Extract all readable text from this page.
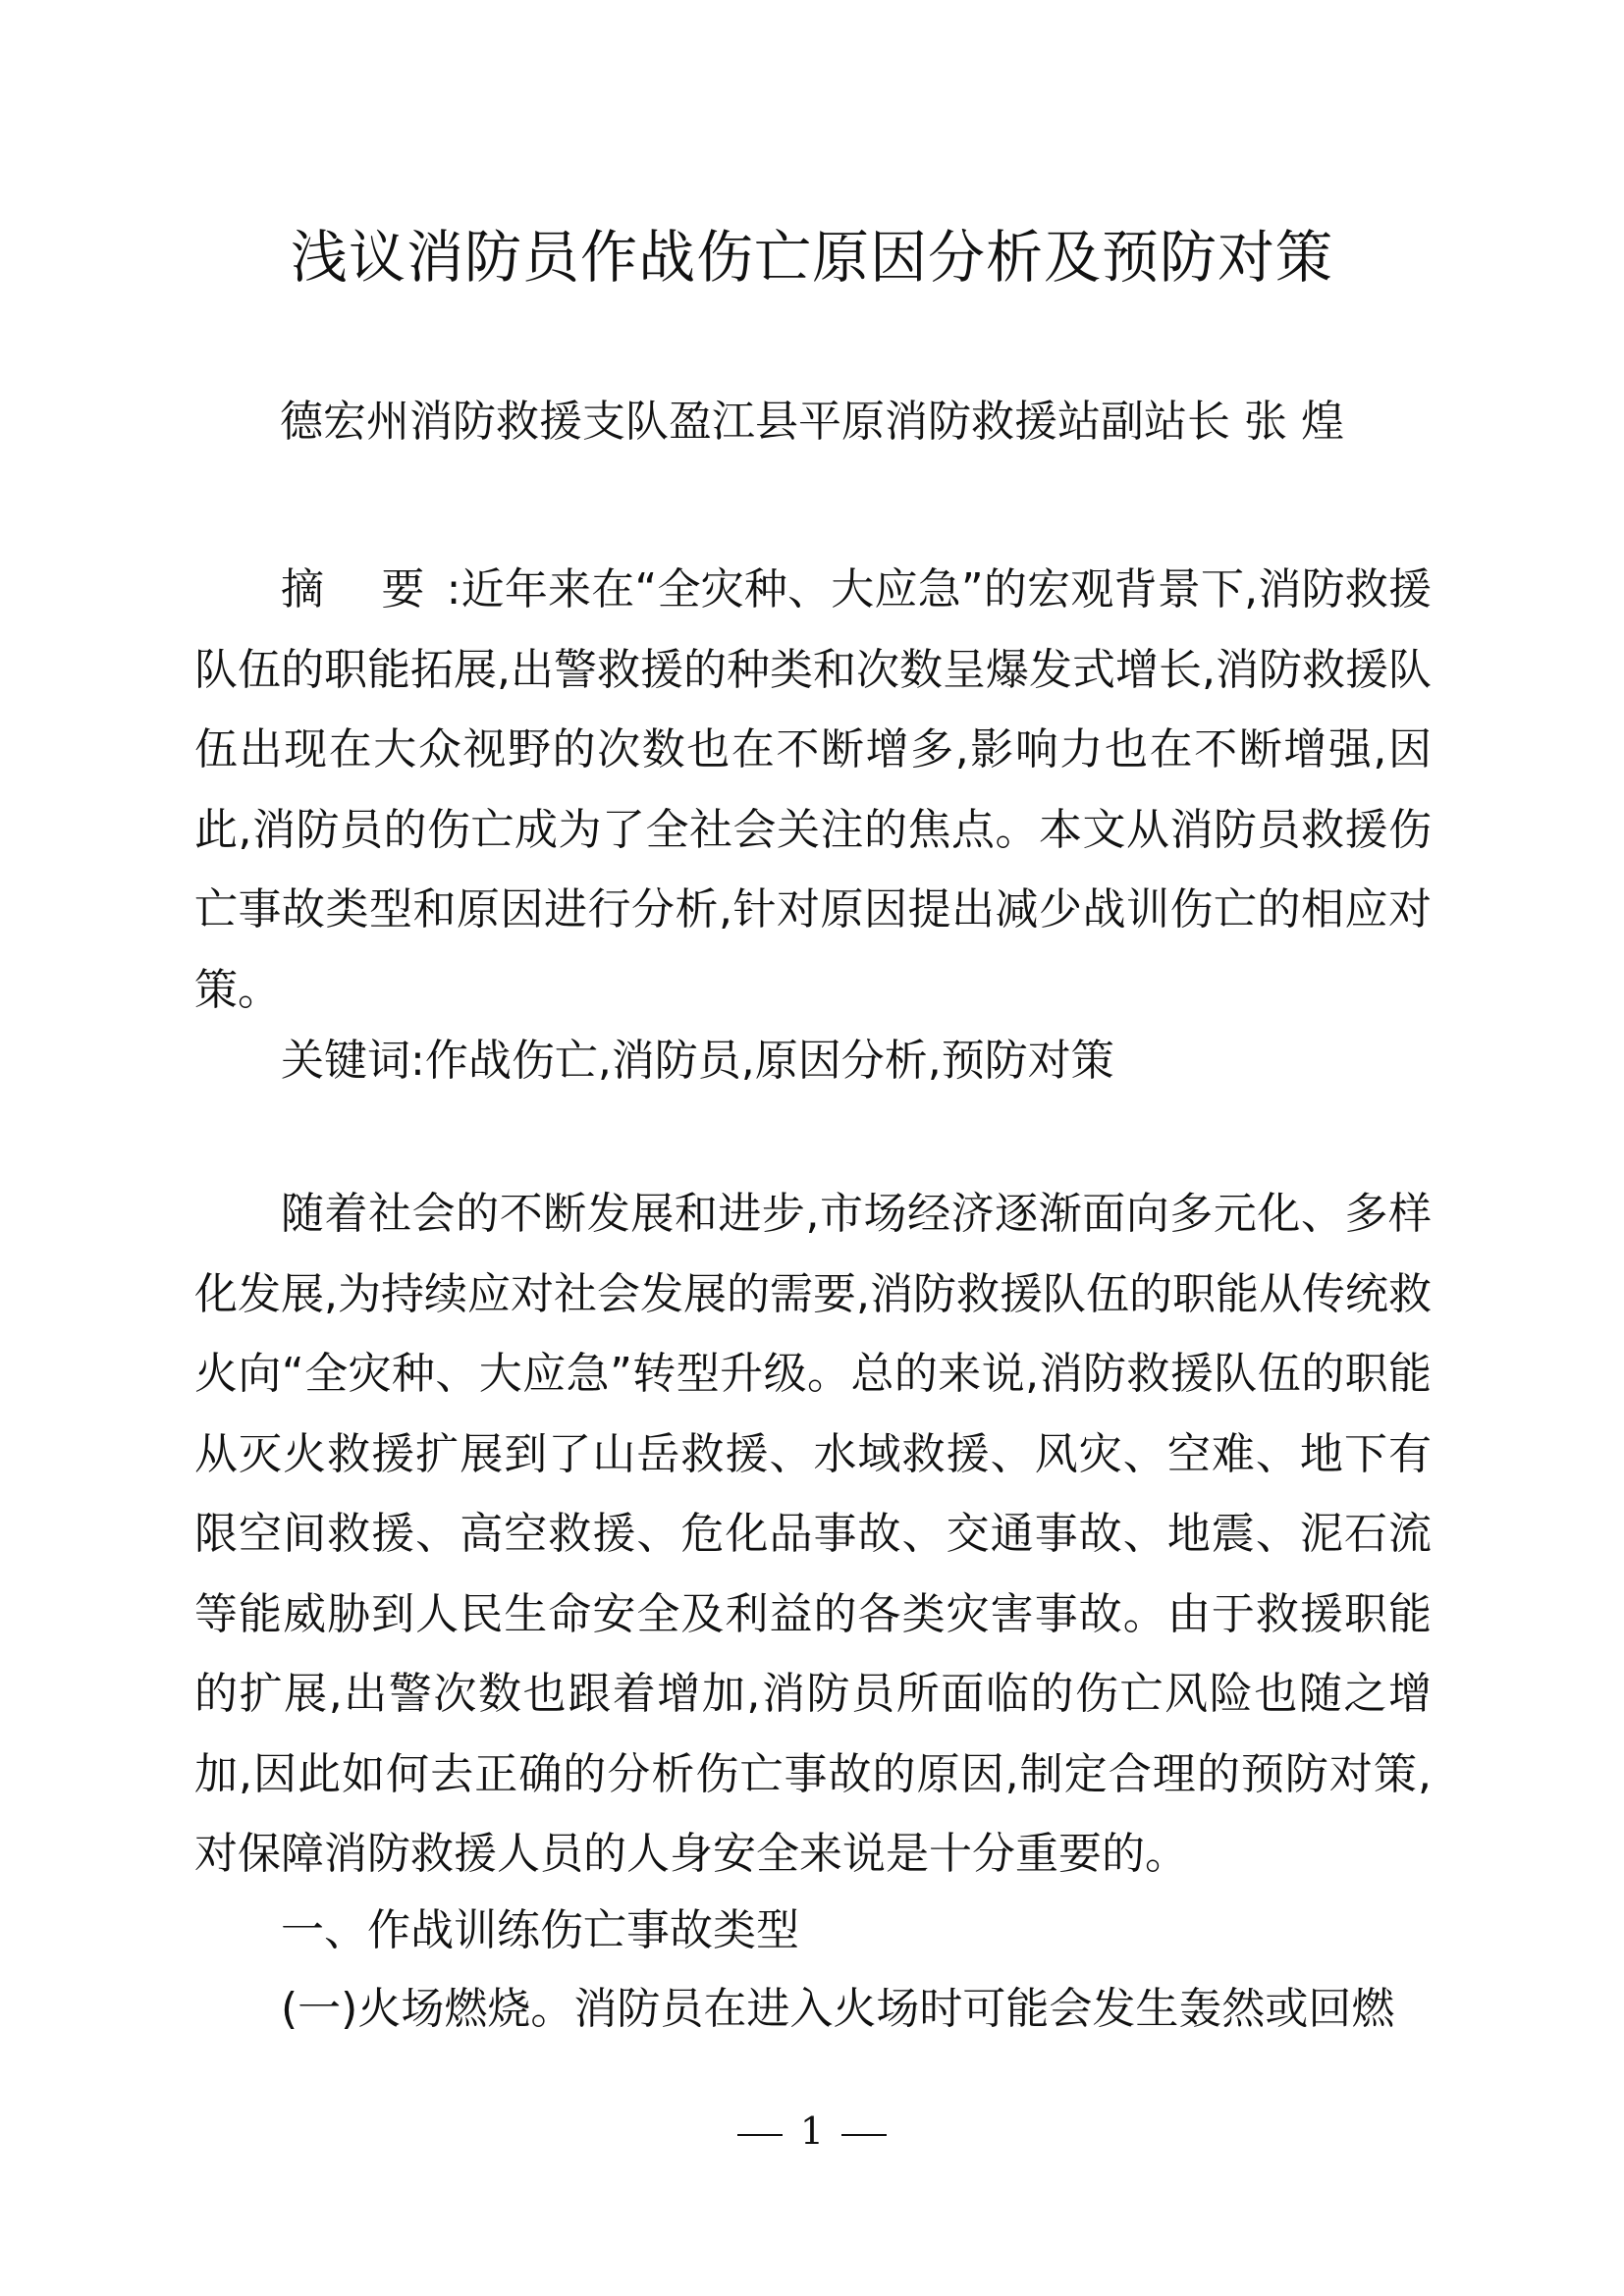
浅议消防员作战伤亡原因分析及预防对策

德宏州消防救援支队盈江县平原消防救援站副站长 张 煌

摘 要:近年来在“全灾种、大应急”的宏观背景下,消防救援队伍的职能拓展,出警救援的种类和次数呈爆发式增长,消防救援队伍出现在大众视野的次数也在不断增多,影响力也在不断增强,因此,消防员的伤亡成为了全社会关注的焦点。本文从消防员救援伤亡事故类型和原因进行分析,针对原因提出减少战训伤亡的相应对策。

关键词:作战伤亡,消防员,原因分析,预防对策

随着社会的不断发展和进步,市场经济逐渐面向多元化、多样化发展,为持续应对社会发展的需要,消防救援队伍的职能从传统救火向“全灾种、大应急”转型升级。总的来说,消防救援队伍的职能从灭火救援扩展到了山岳救援、水域救援、风灾、空难、地下有限空间救援、高空救援、危化品事故、交通事故、地震、泥石流等能威胁到人民生命安全及利益的各类灾害事故。由于救援职能的扩展,出警次数也跟着增加,消防员所面临的伤亡风险也随之增加,因此如何去正确的分析伤亡事故的原因,制定合理的预防对策,对保障消防救援人员的人身安全来说是十分重要的。

一、作战训练伤亡事故类型

(一)火场燃烧。消防员在进入火场时可能会发生轰然或回燃

1
